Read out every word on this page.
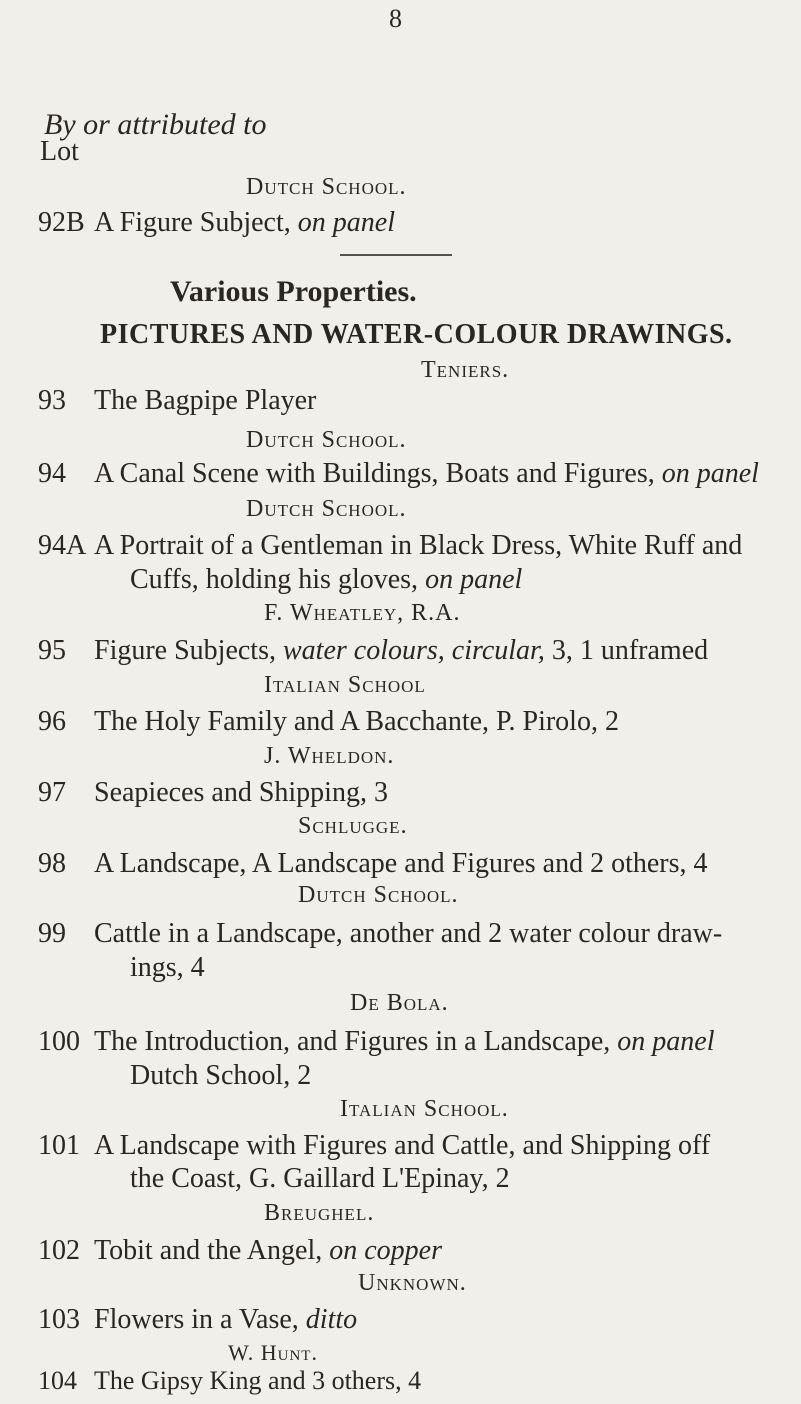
8
By or attributed to
Lot
Dutch School.
92B A Figure Subject, on panel
Various Properties.
PICTURES AND WATER-COLOUR DRAWINGS.
Teniers.
93 The Bagpipe Player
Dutch School.
94 A Canal Scene with Buildings, Boats and Figures, on panel
Dutch School.
94A A Portrait of a Gentleman in Black Dress, White Ruff and
Cuffs, holding his gloves, on panel
F. Wheatley, R.A.
95 Figure Subjects, water colours, circular, 3, 1 unframed
Italian School
96 The Holy Family and A Bacchante, P. Pirolo, 2
J. Wheldon.
97 Seapieces and Shipping, 3
Schlugge.
98 A Landscape, A Landscape and Figures and 2 others, 4
Dutch School.
99 Cattle in a Landscape, another and 2 water colour draw-
ings, 4
De Bola.
100 The Introduction, and Figures in a Landscape, on panel
Dutch School, 2
Italian School.
101 A Landscape with Figures and Cattle, and Shipping off
the Coast, G. Gaillard L'Epinay, 2
Breughel.
102 Tobit and the Angel, on copper
Unknown.
103 Flowers in a Vase, ditto
W. Hunt.
104 The Gipsy King and 3 others, 4
